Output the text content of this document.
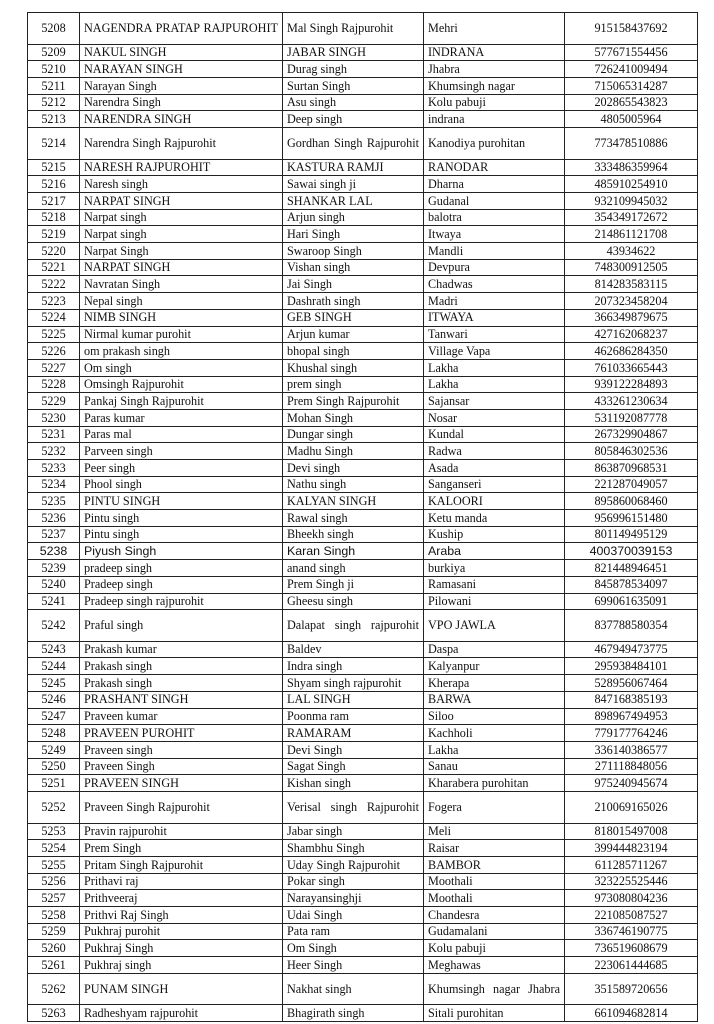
5208	NAGENDRA PRATAP RAJPUROHIT	Mal Singh Rajpurohit	Mehri	915158437692
5209	NAKUL SINGH	JABAR SINGH	INDRANA	577671554456
5210	NARAYAN SINGH	Durag singh	Jhabra	726241009494
5211	Narayan Singh	Surtan Singh	Khumsingh nagar	715065314287
5212	Narendra Singh	Asu singh	Kolu pabuji	202865543823
5213	NARENDRA SINGH	Deep singh	indrana	4805005964
5214	Narendra Singh Rajpurohit	Gordhan Singh Rajpurohit	Kanodiya purohitan	773478510886
5215	NARESH RAJPUROHIT	KASTURA RAMJI	RANODAR	333486359964
5216	Naresh singh	Sawai singh ji	Dharna	485910254910
5217	NARPAT SINGH	SHANKAR LAL	Gudanal	932109945032
5218	Narpat singh	Arjun singh	balotra	354349172672
5219	Narpat singh	Hari Singh	Itwaya	214861121708
5220	Narpat Singh	Swaroop Singh	Mandli	43934622
5221	NARPAT SINGH	Vishan singh	Devpura	748300912505
5222	Navratan Singh	Jai Singh	Chadwas	814283583115
5223	Nepal singh	Dashrath singh	Madri	207323458204
5224	NIMB SINGH	GEB SINGH	ITWAYA	366349879675
5225	Nirmal kumar purohit	Arjun kumar	Tanwari	427162068237
5226	om prakash singh	bhopal singh	Village Vapa	462686284350
5227	Om singh	Khushal singh	Lakha	761033665443
5228	Omsingh Rajpurohit	prem singh	Lakha	939122284893
5229	Pankaj Singh Rajpurohit	Prem Singh Rajpurohit	Sajansar	433261230634
5230	Paras kumar	Mohan Singh	Nosar	531192087778
5231	Paras mal	Dungar singh	Kundal	267329904867
5232	Parveen singh	Madhu Singh	Radwa	805846302536
5233	Peer singh	Devi singh	Asada	863870968531
5234	Phool singh	Nathu singh	Sanganseri	221287049057
5235	PINTU SINGH	KALYAN SINGH	KALOORI	895860068460
5236	Pintu singh	Rawal singh	Ketu manda	956996151480
5237	Pintu singh	Bheekh singh	Kuship	801149495129
5238	Piyush Singh	Karan Singh	Araba	400370039153
5239	pradeep singh	anand singh	burkiya	821448946451
5240	Pradeep singh	Prem Singh ji	Ramasani	845878534097
5241	Pradeep singh rajpurohit	Gheesu singh	Pilowani	699061635091
5242	Praful singh	Dalapat singh rajpurohit	VPO JAWLA	837788580354
5243	Prakash kumar	Baldev	Daspa	467949473775
5244	Prakash singh	Indra singh	Kalyanpur	295938484101
5245	Prakash singh	Shyam singh rajpurohit	Kherapa	528956067464
5246	PRASHANT SINGH	LAL SINGH	BARWA	847168385193
5247	Praveen kumar	Poonma ram	Siloo	898967494953
5248	PRAVEEN PUROHIT	RAMARAM	Kachholi	779177764246
5249	Praveen singh	Devi Singh	Lakha	336140386577
5250	Praveen Singh	Sagat Singh	Sanau	271118848056
5251	PRAVEEN SINGH	Kishan singh	Kharabera purohitan	975240945674
5252	Praveen Singh Rajpurohit	Verisal singh Rajpurohit	Fogera	210069165026
5253	Pravin rajpurohit	Jabar singh	Meli	818015497008
5254	Prem Singh	Shambhu Singh	Raisar	399444823194
5255	Pritam Singh Rajpurohit	Uday Singh Rajpurohit	BAMBOR	611285711267
5256	Prithavi raj	Pokar singh	Moothali	323225525446
5257	Prithveeraj	Narayansinghji	Moothali	973080804236
5258	Prithvi Raj Singh	Udai Singh	Chandesra	221085087527
5259	Pukhraj purohit	Pata ram	Gudamalani	336746190775
5260	Pukhraj Singh	Om Singh	Kolu pabuji	736519608679
5261	Pukhraj singh	Heer Singh	Meghawas	223061444685
5262	PUNAM SINGH	Nakhat singh	Khumsingh nagar Jhabra	351589720656
5263	Radheshyam rajpurohit	Bhagirath singh	Sitali purohitan	661094682814
